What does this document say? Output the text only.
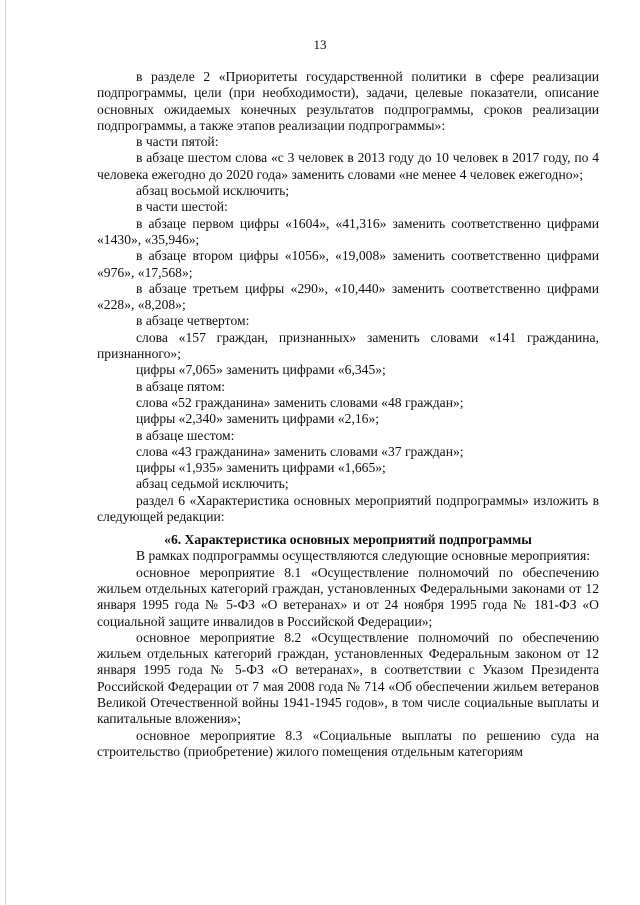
13

в разделе 2 «Приоритеты государственной политики в сфере реализации подпрограммы, цели (при необходимости), задачи, целевые показатели, описание основных ожидаемых конечных результатов подпрограммы, сроков реализации подпрограммы, а также этапов реализации подпрограммы»:

в части пятой:

в абзаце шестом слова «с 3 человек в 2013 году до 10 человек в 2017 году, по 4 человека ежегодно до 2020 года» заменить словами «не менее 4 человек ежегодно»;

абзац восьмой исключить;

в части шестой:

в абзаце первом цифры «1604», «41,316» заменить соответственно цифрами «1430», «35,946»;

в абзаце втором цифры «1056», «19,008» заменить соответственно цифрами «976», «17,568»;

в абзаце третьем цифры «290», «10,440» заменить соответственно цифрами «228», «8,208»;

в абзаце четвертом:

слова «157 граждан, признанных» заменить словами «141 гражданина, признанного»;

цифры «7,065» заменить цифрами «6,345»;

в абзаце пятом:

слова «52 гражданина» заменить словами «48 граждан»;

цифры «2,340» заменить цифрами «2,16»;

в абзаце шестом:

слова «43 гражданина» заменить словами «37 граждан»;

цифры «1,935» заменить цифрами «1,665»;

абзац седьмой исключить;

раздел 6 «Характеристика основных мероприятий подпрограммы» изложить в следующей редакции:

«6. Характеристика основных мероприятий подпрограммы

В рамках подпрограммы осуществляются следующие основные мероприятия:

основное мероприятие 8.1 «Осуществление полномочий по обеспечению жильем отдельных категорий граждан, установленных Федеральными законами от 12 января 1995 года № 5-ФЗ «О ветеранах» и от 24 ноября 1995 года № 181-ФЗ «О социальной защите инвалидов в Российской Федерации»;

основное мероприятие 8.2 «Осуществление полномочий по обеспечению жильем отдельных категорий граждан, установленных Федеральным законом от 12 января 1995 года № 5-ФЗ «О ветеранах», в соответствии с Указом Президента Российской Федерации от 7 мая 2008 года № 714 «Об обеспечении жильем ветеранов Великой Отечественной войны 1941-1945 годов», в том числе социальные выплаты и капитальные вложения»;

основное мероприятие 8.3 «Социальные выплаты по решению суда на строительство (приобретение) жилого помещения отдельным категориям
